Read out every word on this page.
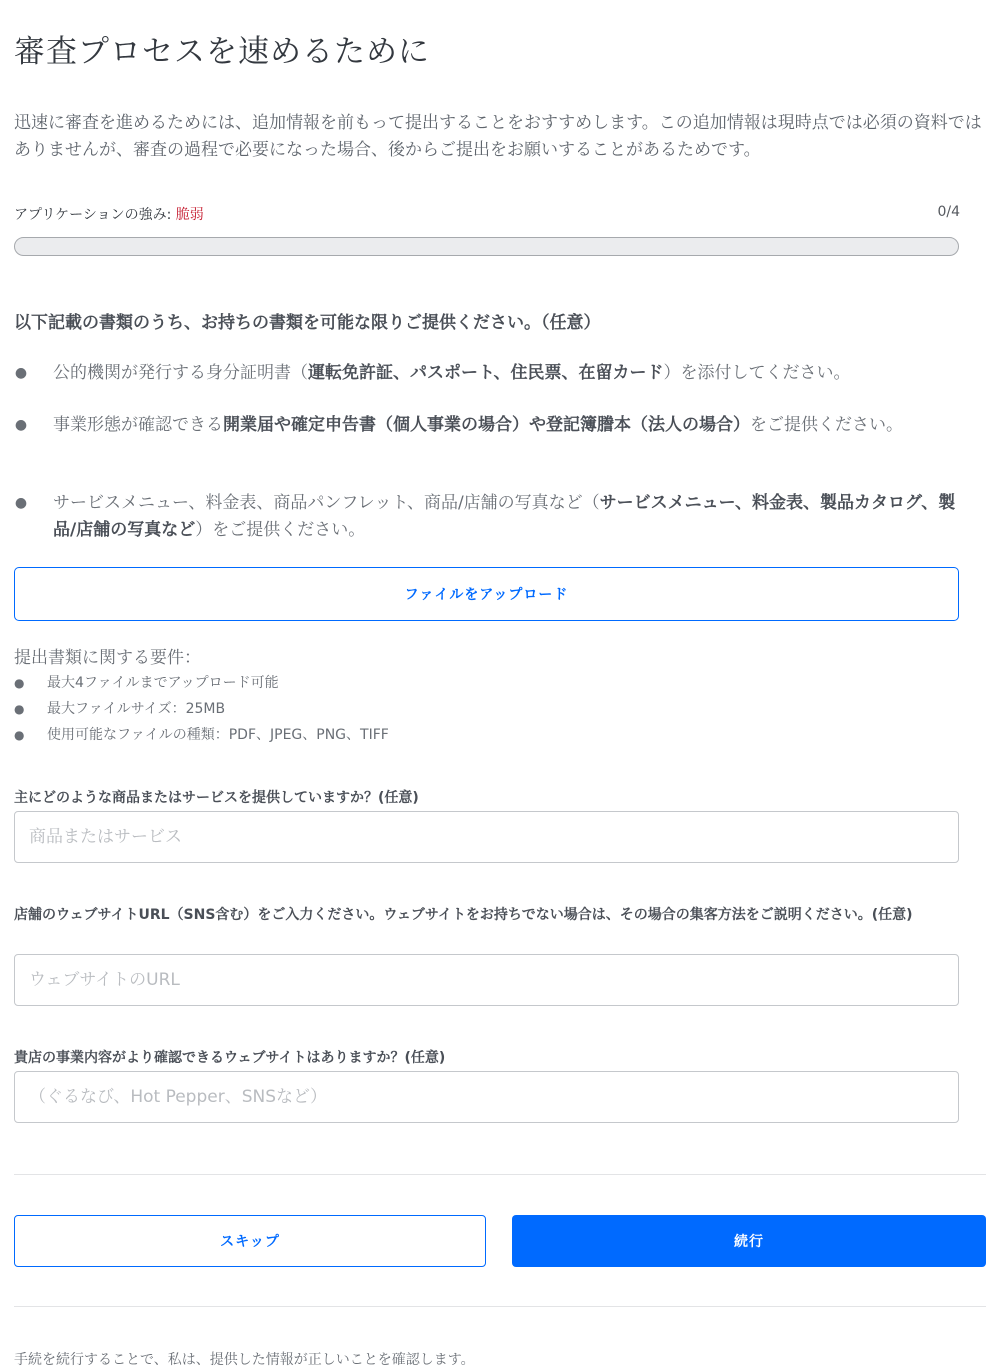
審査プロセスを速めるために

迅速に審査を進めるためには、追加情報を前もって提出することをおすすめします。この追加情報は現時点では必須の資料ではありませんが、審査の過程で必要になった場合、後からご提出をお願いすることがあるためです。

アプリケーションの強み: 脆弱	0/4
以下記載の書類のうち、お持ちの書類を可能な限りご提供ください。（任意）
● 公的機関が発行する身分証明書（運転免許証、パスポート、住民票、在留カード）を添付してください。
● 事業形態が確認できる開業届や確定申告書（個人事業の場合）や登記簿謄本（法人の場合）をご提供ください。
● サービスメニュー、料金表、商品パンフレット、商品/店舗の写真など（サービスメニュー、料金表、製品カタログ、製品/店舗の写真など）をご提供ください。
ファイルをアップロード
提出書類に関する要件：
● 最大4ファイルまでアップロード可能
● 最大ファイルサイズ：25MB
● 使用可能なファイルの種類：PDF、JPEG、PNG、TIFF
主にどのような商品またはサービスを提供していますか？(任意)
商品またはサービス
店舗のウェブサイトURL（SNS含む）をご入力ください。ウェブサイトをお持ちでない場合は、その場合の集客方法をご説明ください。(任意)
ウェブサイトのURL
貴店の事業内容がより確認できるウェブサイトはありますか？(任意)
（ぐるなび、Hot Pepper、SNSなど）
スキップ	続行
手続を続行することで、私は、提供した情報が正しいことを確認します。
